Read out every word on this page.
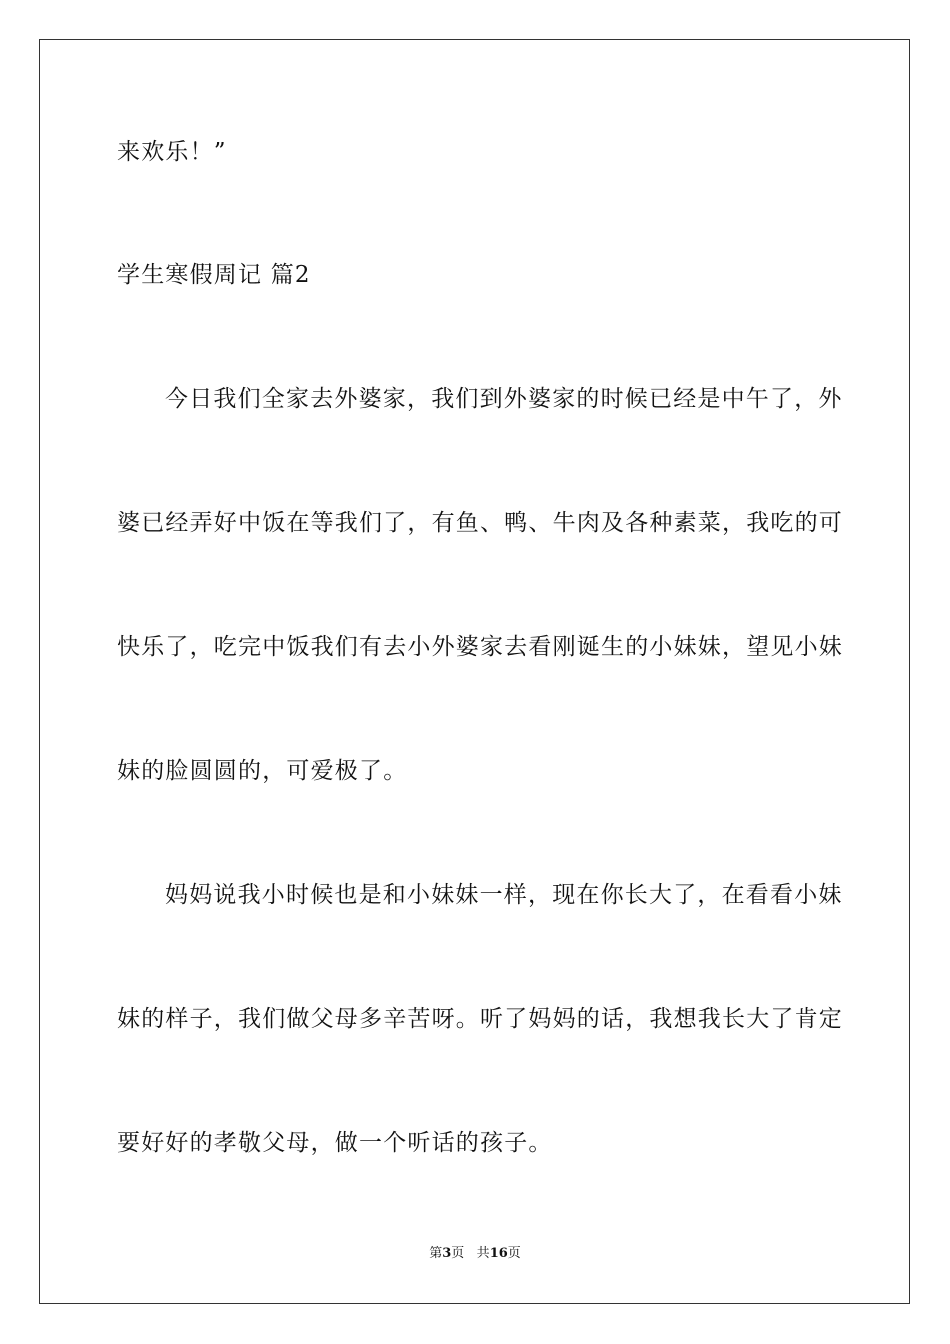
来欢乐！”
学生寒假周记 篇2
今日我们全家去外婆家，我们到外婆家的时候已经是中午了，外
婆已经弄好中饭在等我们了，有鱼、鸭、牛肉及各种素菜，我吃的可
快乐了，吃完中饭我们有去小外婆家去看刚诞生的小妹妹，望见小妹
妹的脸圆圆的，可爱极了。
妈妈说我小时候也是和小妹妹一样，现在你长大了，在看看小妹
妹的样子，我们做父母多辛苦呀。听了妈妈的话，我想我长大了肯定
要好好的孝敬父母，做一个听话的孩子。
第3页 共16页
